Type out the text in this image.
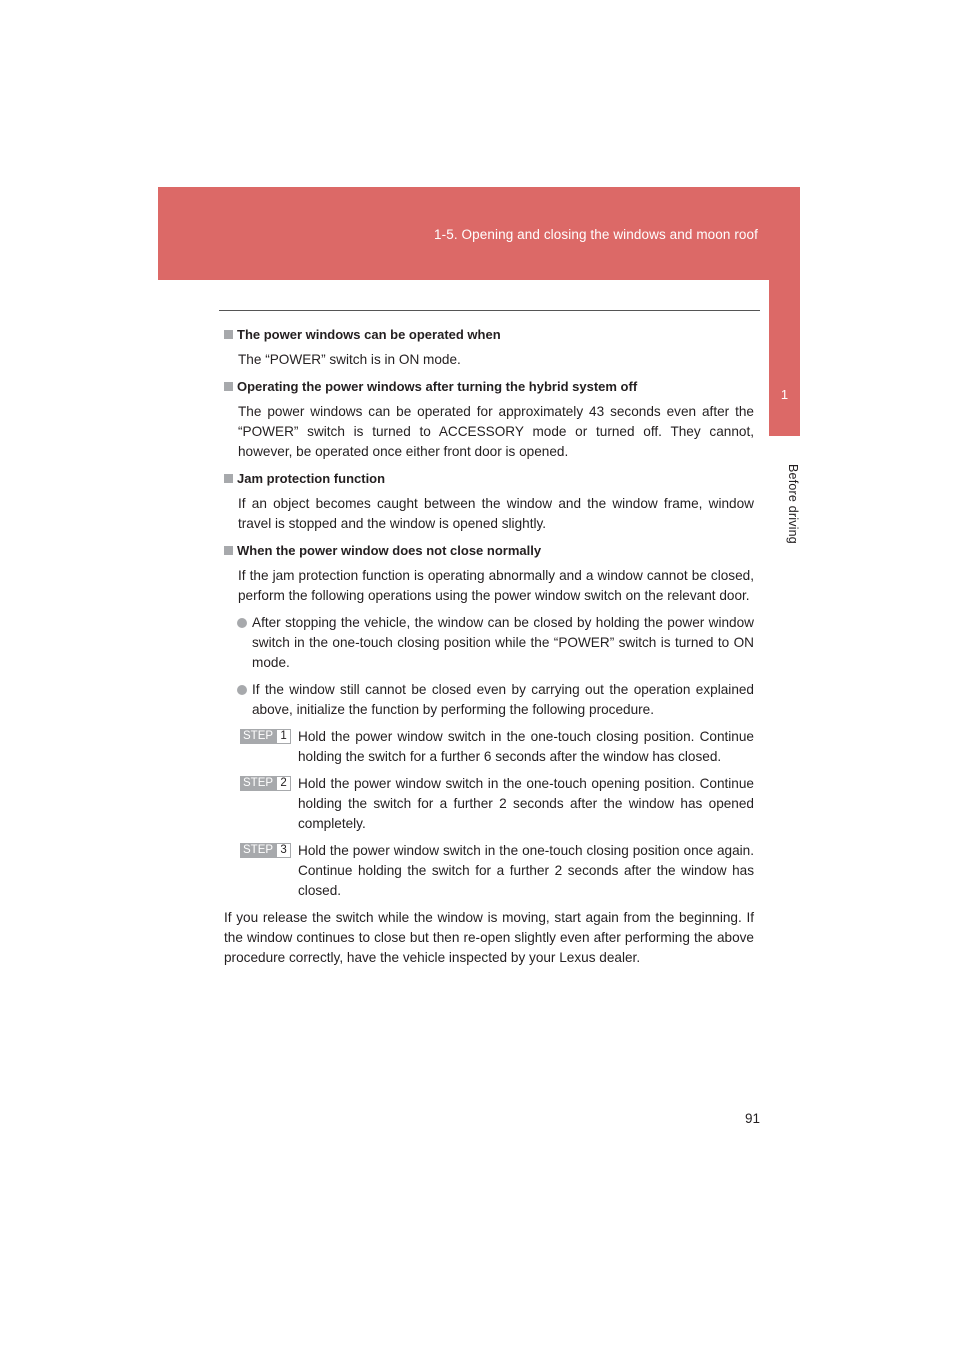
1-5. Opening and closing the windows and moon roof
1
Before driving
The power windows can be operated when

The “POWER” switch is in ON mode.

Operating the power windows after turning the hybrid system off

The power windows can be operated for approximately 43 seconds even after the “POWER” switch is turned to ACCESSORY mode or turned off. They cannot, however, be operated once either front door is opened.

Jam protection function

If an object becomes caught between the window and the window frame, window travel is stopped and the window is opened slightly.

When the power window does not close normally

If the jam protection function is operating abnormally and a window cannot be closed, perform the following operations using the power window switch on the relevant door.

After stopping the vehicle, the window can be closed by holding the power window switch in the one-touch closing position while the “POWER” switch is turned to ON mode.
If the window still cannot be closed even by carrying out the operation explained above, initialize the function by performing the following procedure.
STEP 1 Hold the power window switch in the one-touch closing position. Continue holding the switch for a further 6 seconds after the window has closed.
STEP 2 Hold the power window switch in the one-touch opening position. Continue holding the switch for a further 2 seconds after the window has opened completely.
STEP 3 Hold the power window switch in the one-touch closing position once again. Continue holding the switch for a further 2 seconds after the window has closed.

If you release the switch while the window is moving, start again from the beginning. If the window continues to close but then re-open slightly even after performing the above procedure correctly, have the vehicle inspected by your Lexus dealer.

91
